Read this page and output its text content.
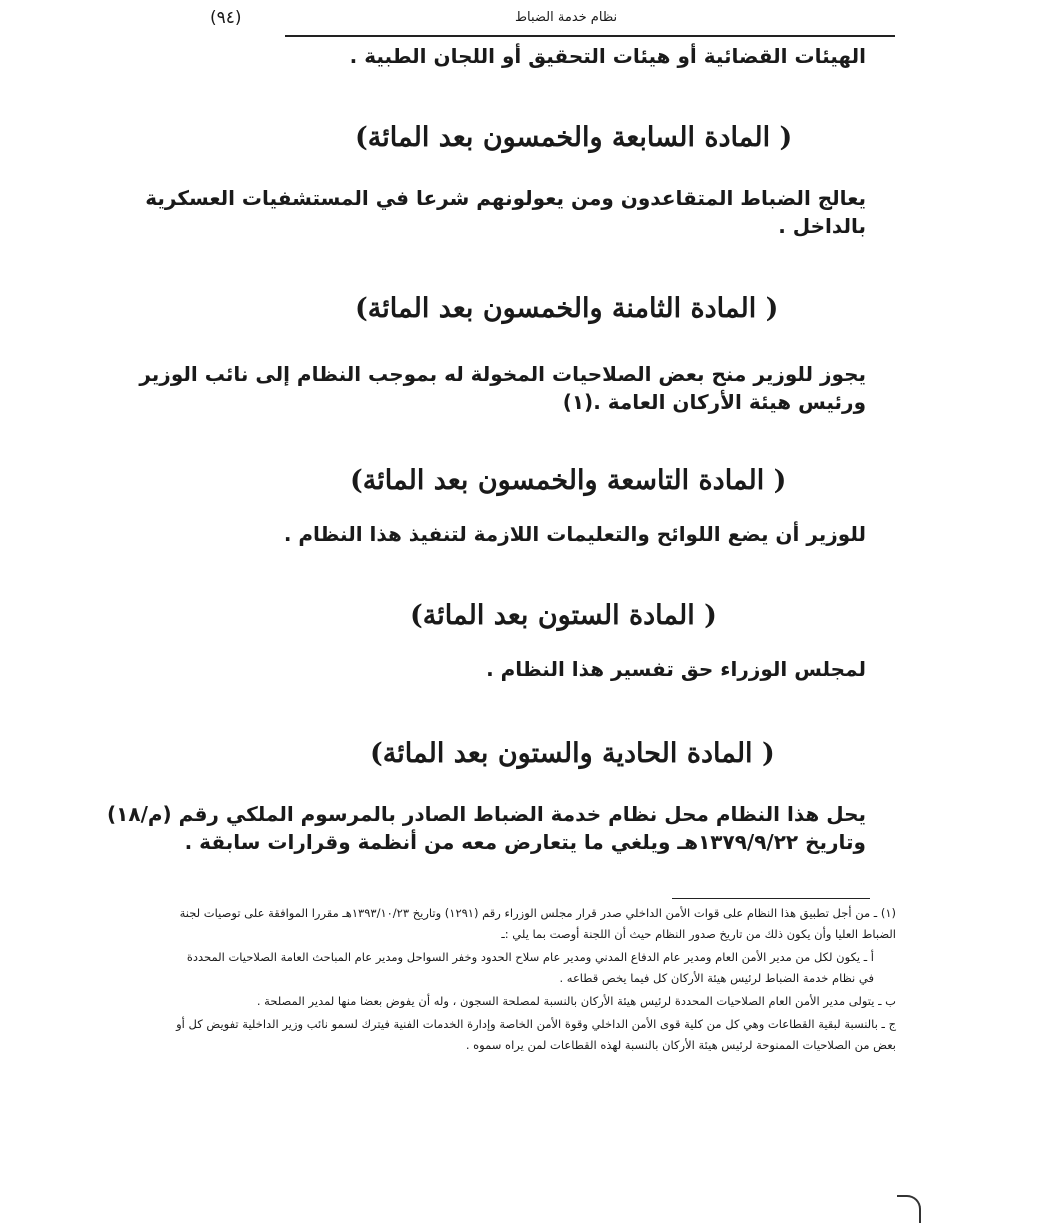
(٩٤)	نظام خدمة الضباط

الهيئات القضائية أو هيئات التحقيق أو اللجان الطبية .

( المادة السابعة والخمسون بعد المائة)
يعالج الضباط المتقاعدون ومن يعولونهم شرعا في المستشفيات العسكرية
بالداخل .
( المادة الثامنة والخمسون بعد المائة)
يجوز للوزير منح بعض الصلاحيات المخولة له بموجب النظام إلى نائب الوزير
ورئيس هيئة الأركان العامة .(١)
( المادة التاسعة والخمسون بعد المائة)
للوزير أن يضع اللوائح والتعليمات اللازمة لتنفيذ هذا النظام .
( المادة الستون بعد المائة)
لمجلس الوزراء حق تفسير هذا النظام .
( المادة الحادية والستون بعد المائة)
يحل هذا النظام محل نظام خدمة الضباط الصادر بالمرسوم الملكي رقم (م/١٨)
وتاريخ ١٣٧٩/٩/٢٢هـ ويلغي ما يتعارض معه من أنظمة وقرارات سابقة .

(١) ـ من أجل تطبيق هذا النظام على قوات الأمن الداخلي صدر قرار مجلس الوزراء رقم (١٢٩١) وتاريخ ١٣٩٣/١٠/٢٣هـ مقررا الموافقة على توصيات لجنة الضباط العليا وأن يكون ذلك من تاريخ صدور النظام حيث أن اللجنة أوصت بما يلي :ـ

أ ـ يكون لكل من مدير الأمن العام ومدير عام الدفاع المدني ومدير عام سلاح الحدود وخفر السواحل ومدير عام المباحث العامة الصلاحيات المحددة في نظام خدمة الضباط لرئيس هيئة الأركان كل فيما يخص قطاعه .

ب ـ يتولى مدير الأمن العام الصلاحيات المحددة لرئيس هيئة الأركان بالنسبة لمصلحة السجون ، وله أن يفوض بعضا منها لمدير المصلحة .

ج ـ بالنسبة لبقية القطاعات وهي كل من كلية قوى الأمن الداخلي وقوة الأمن الخاصة وإدارة الخدمات الفنية فيترك لسمو نائب وزير الداخلية تفويض كل أو بعض من الصلاحيات الممنوحة لرئيس هيئة الأركان بالنسبة لهذه القطاعات لمن يراه سموه .
